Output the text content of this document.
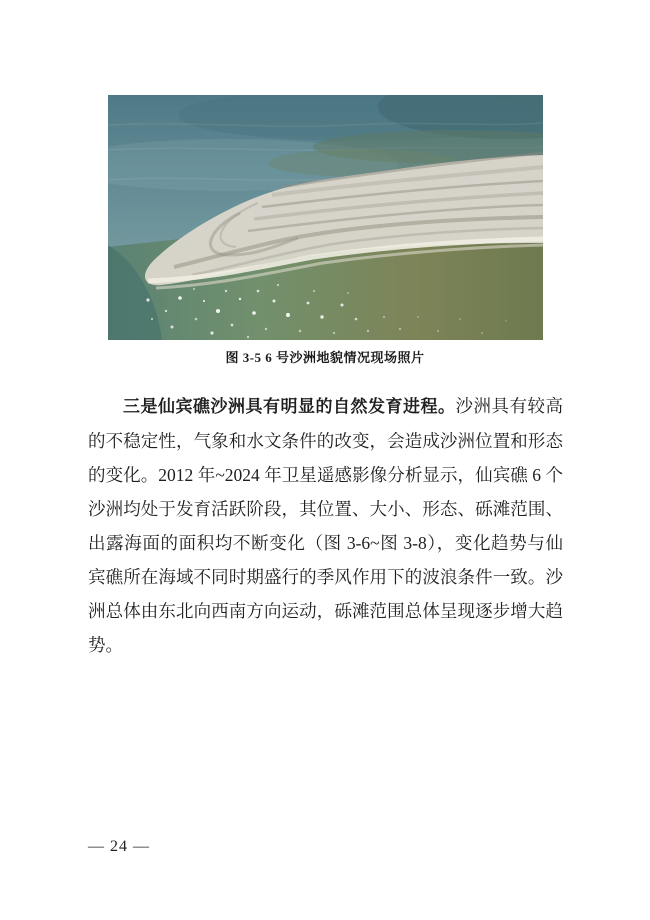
图 3-5 6 号沙洲地貌情况现场照片

三是仙宾礁沙洲具有明显的自然发育进程。沙洲具有较高的不稳定性，气象和水文条件的改变，会造成沙洲位置和形态的变化。2012 年~2024 年卫星遥感影像分析显示，仙宾礁 6 个沙洲均处于发育活跃阶段，其位置、大小、形态、砾滩范围、出露海面的面积均不断变化（图 3-6~图 3-8），变化趋势与仙宾礁所在海域不同时期盛行的季风作用下的波浪条件一致。沙洲总体由东北向西南方向运动，砾滩范围总体呈现逐步增大趋势。

— 24 —
